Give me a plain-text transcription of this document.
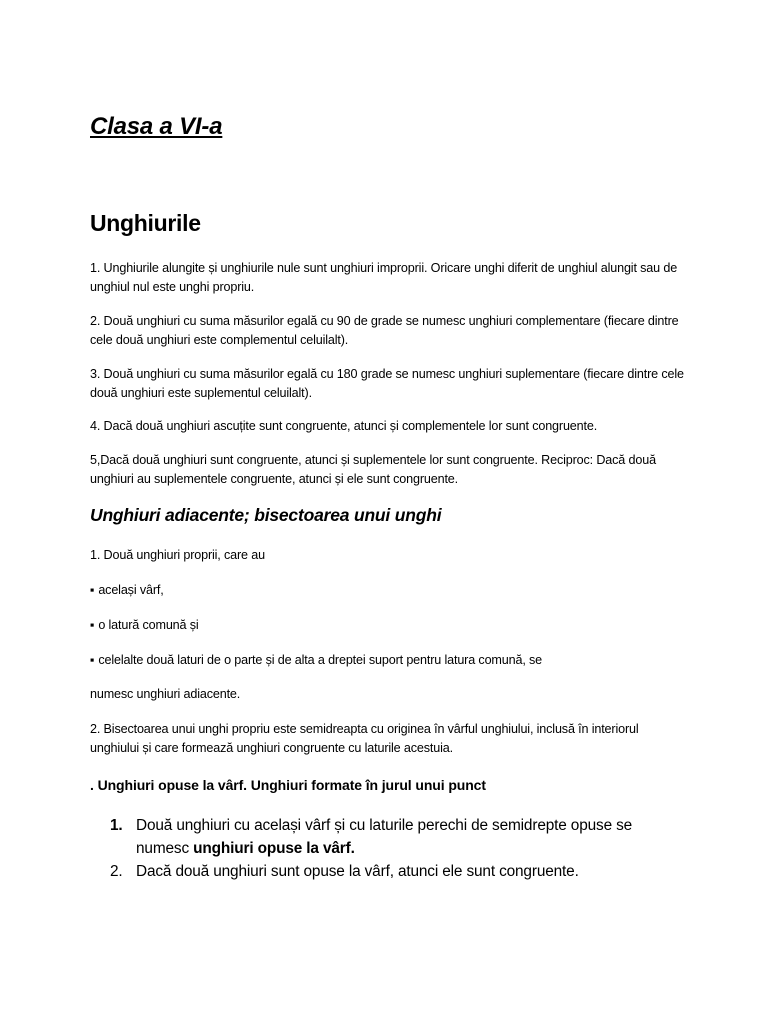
Clasa a VI-a
Unghiurile

1. Unghiurile alungite și unghiurile nule sunt unghiuri improprii. Oricare unghi diferit de unghiul alungit sau de unghiul nul este unghi propriu.

2. Două unghiuri cu suma măsurilor egală cu 90 de grade se numesc unghiuri complementare (fiecare dintre cele două unghiuri este complementul celuilalt).

3. Două unghiuri cu suma măsurilor egală cu 180 grade se numesc unghiuri suplementare (fiecare dintre cele două unghiuri este suplementul celuilalt).

4. Dacă două unghiuri ascuțite sunt congruente, atunci și complementele lor sunt congruente.

5,Dacă două unghiuri sunt congruente, atunci și suplementele lor sunt congruente. Reciproc: Dacă două unghiuri au suplementele congruente, atunci și ele sunt congruente.

Unghiuri adiacente; bisectoarea unui unghi

1. Două unghiuri proprii, care au

▪ același vârf,

▪ o latură comună și

▪ celelalte două laturi de o parte și de alta a dreptei suport pentru latura comună, se

numesc unghiuri adiacente.

2. Bisectoarea unui unghi propriu este semidreapta cu originea în vârful unghiului, inclusă în interiorul unghiului și care formează unghiuri congruente cu laturile acestuia.

. Unghiuri opuse la vârf. Unghiuri formate în jurul unui punct
1. Două unghiuri cu același vârf și cu laturile perechi de semidrepte opuse se numesc unghiuri opuse la vârf.
2. Dacă două unghiuri sunt opuse la vârf, atunci ele sunt congruente.
